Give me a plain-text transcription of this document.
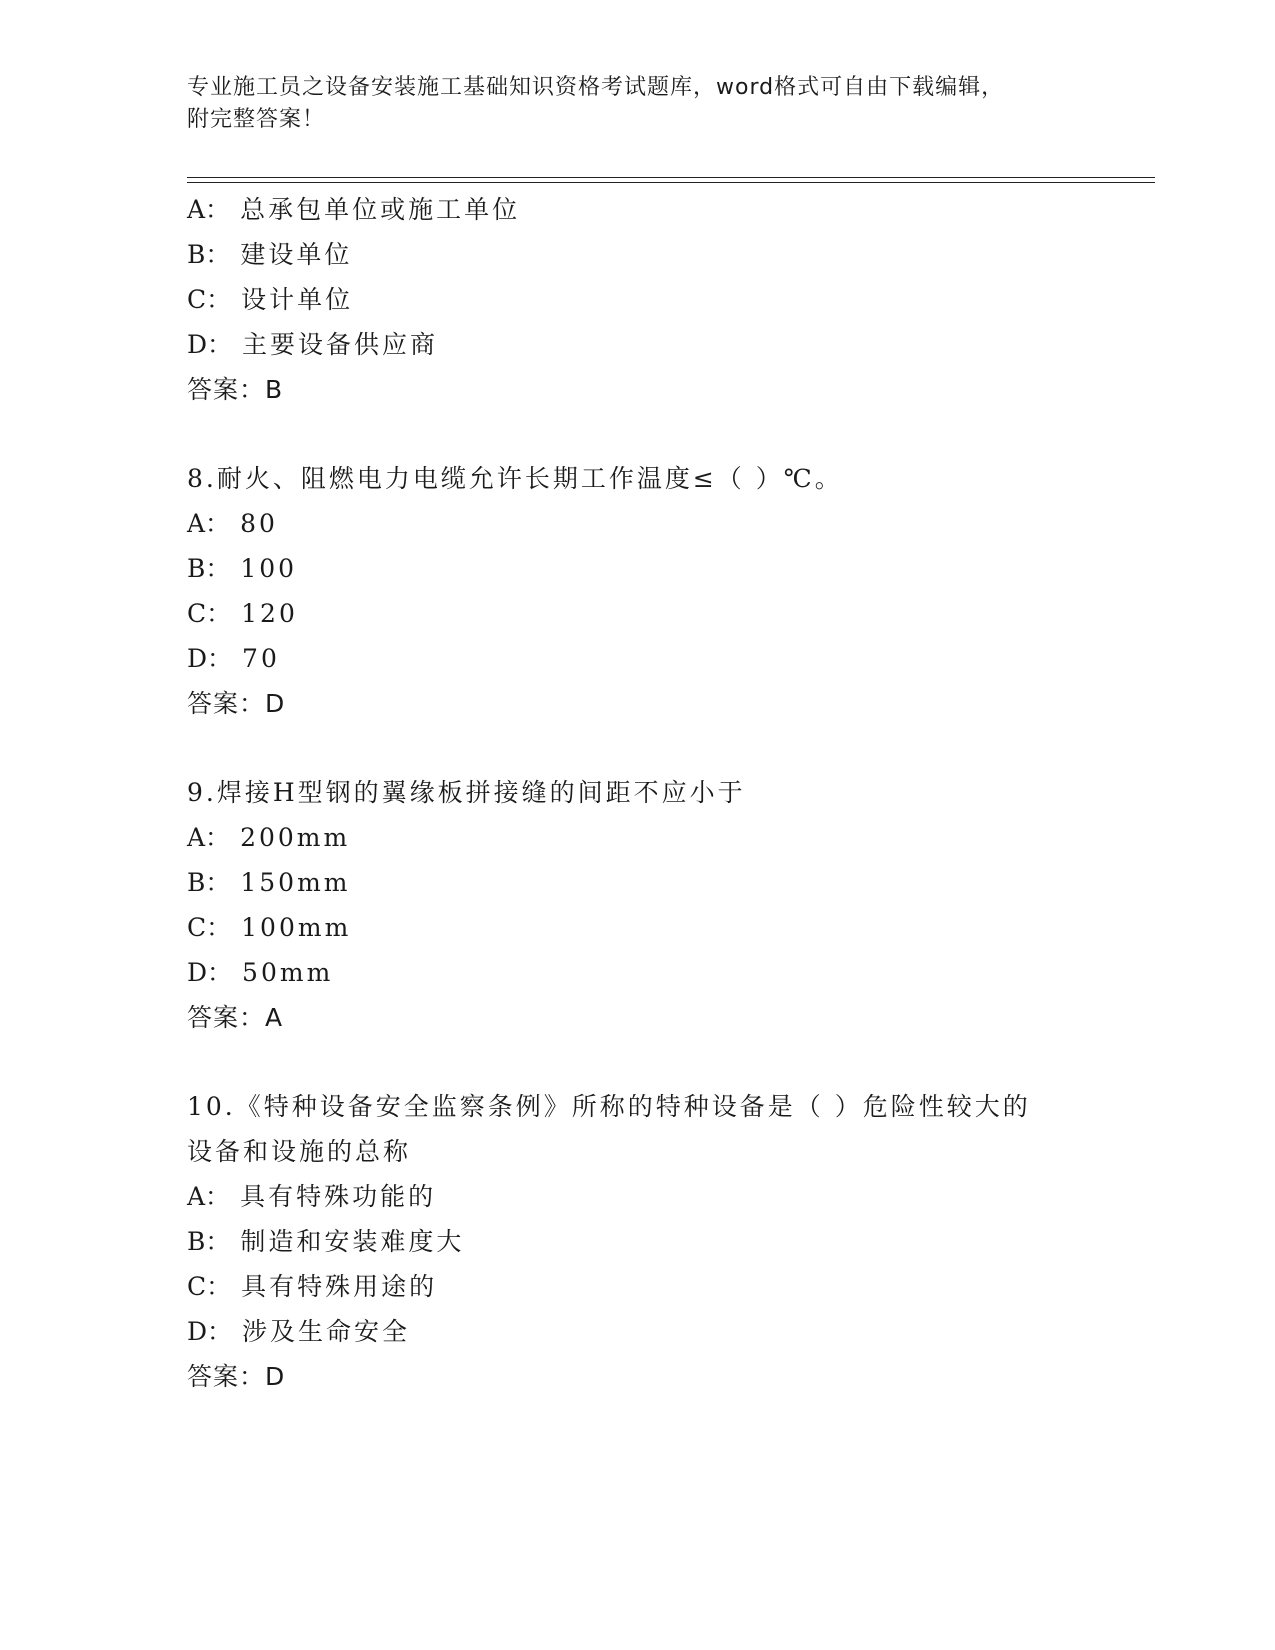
专业施工员之设备安装施工基础知识资格考试题库，word格式可自由下载编辑，
附完整答案！
A： 总承包单位或施工单位
B： 建设单位
C： 设计单位
D： 主要设备供应商
答案：B
8.耐火、阻燃电力电缆允许长期工作温度≤（ ）℃。
A： 80
B： 100
C： 120
D： 70
答案：D
9.焊接H型钢的翼缘板拼接缝的间距不应小于
A： 200mm
B： 150mm
C： 100mm
D： 50mm
答案：A
10.《特种设备安全监察条例》所称的特种设备是（ ）危险性较大的
设备和设施的总称
A： 具有特殊功能的
B： 制造和安装难度大
C： 具有特殊用途的
D： 涉及生命安全
答案：D
